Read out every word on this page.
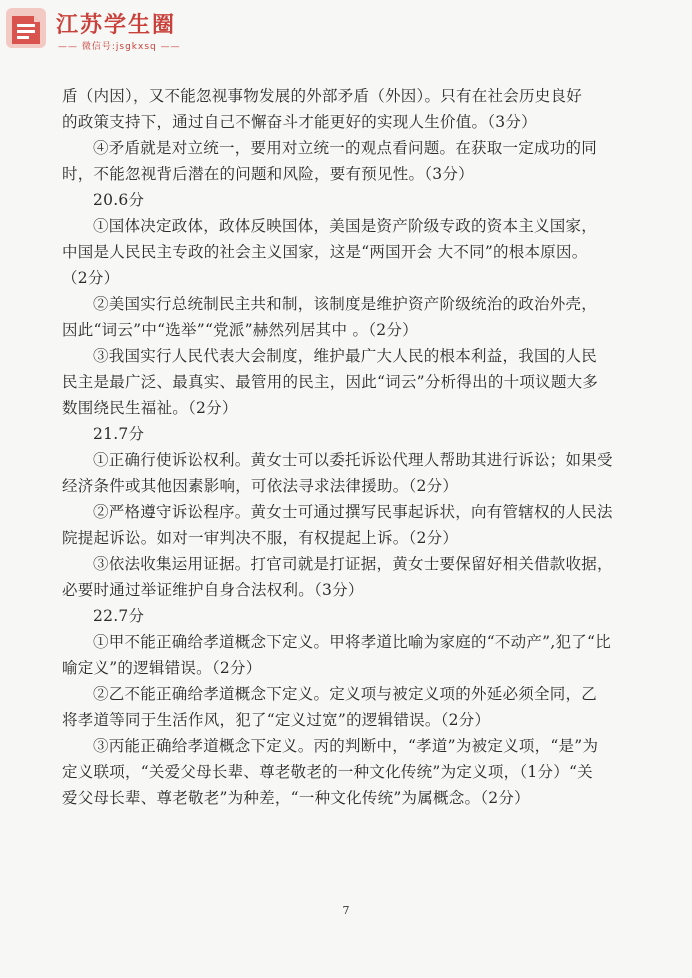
江苏学生圈
—— 微信号:jsgkxsq ——
盾（内因），又不能忽视事物发展的外部矛盾（外因）。只有在社会历史良好
的政策支持下，通过自己不懈奋斗才能更好的实现人生价值。（3分）
④矛盾就是对立统一，要用对立统一的观点看问题。在获取一定成功的同
时，不能忽视背后潜在的问题和风险，要有预见性。（3分）
20.6分
①国体决定政体，政体反映国体，美国是资产阶级专政的资本主义国家，
中国是人民民主专政的社会主义国家，这是“两国开会 大不同”的根本原因。
（2分）
②美国实行总统制民主共和制，该制度是维护资产阶级统治的政治外壳，
因此“词云”中“选举”“党派”赫然列居其中 。（2分）
③我国实行人民代表大会制度，维护最广大人民的根本利益，我国的人民
民主是最广泛、最真实、最管用的民主，因此“词云”分析得出的十项议题大多
数围绕民生福祉。（2分）
21.7分
①正确行使诉讼权利。黄女士可以委托诉讼代理人帮助其进行诉讼；如果受
经济条件或其他因素影响，可依法寻求法律援助。（2分）
②严格遵守诉讼程序。黄女士可通过撰写民事起诉状，向有管辖权的人民法
院提起诉讼。如对一审判决不服，有权提起上诉。（2分）
③依法收集运用证据。打官司就是打证据，黄女士要保留好相关借款收据，
必要时通过举证维护自身合法权利。（3分）
22.7分
①甲不能正确给孝道概念下定义。甲将孝道比喻为家庭的“不动产”,犯了“比
喻定义”的逻辑错误。（2分）
②乙不能正确给孝道概念下定义。定义项与被定义项的外延必须全同，乙
将孝道等同于生活作风，犯了“定义过宽”的逻辑错误。（2分）
③丙能正确给孝道概念下定义。丙的判断中，“孝道”为被定义项，“是”为
定义联项，“关爱父母长辈、尊老敬老的一种文化传统”为定义项，（1分）“关
爱父母长辈、尊老敬老”为种差，“一种文化传统”为属概念。（2分）
7
